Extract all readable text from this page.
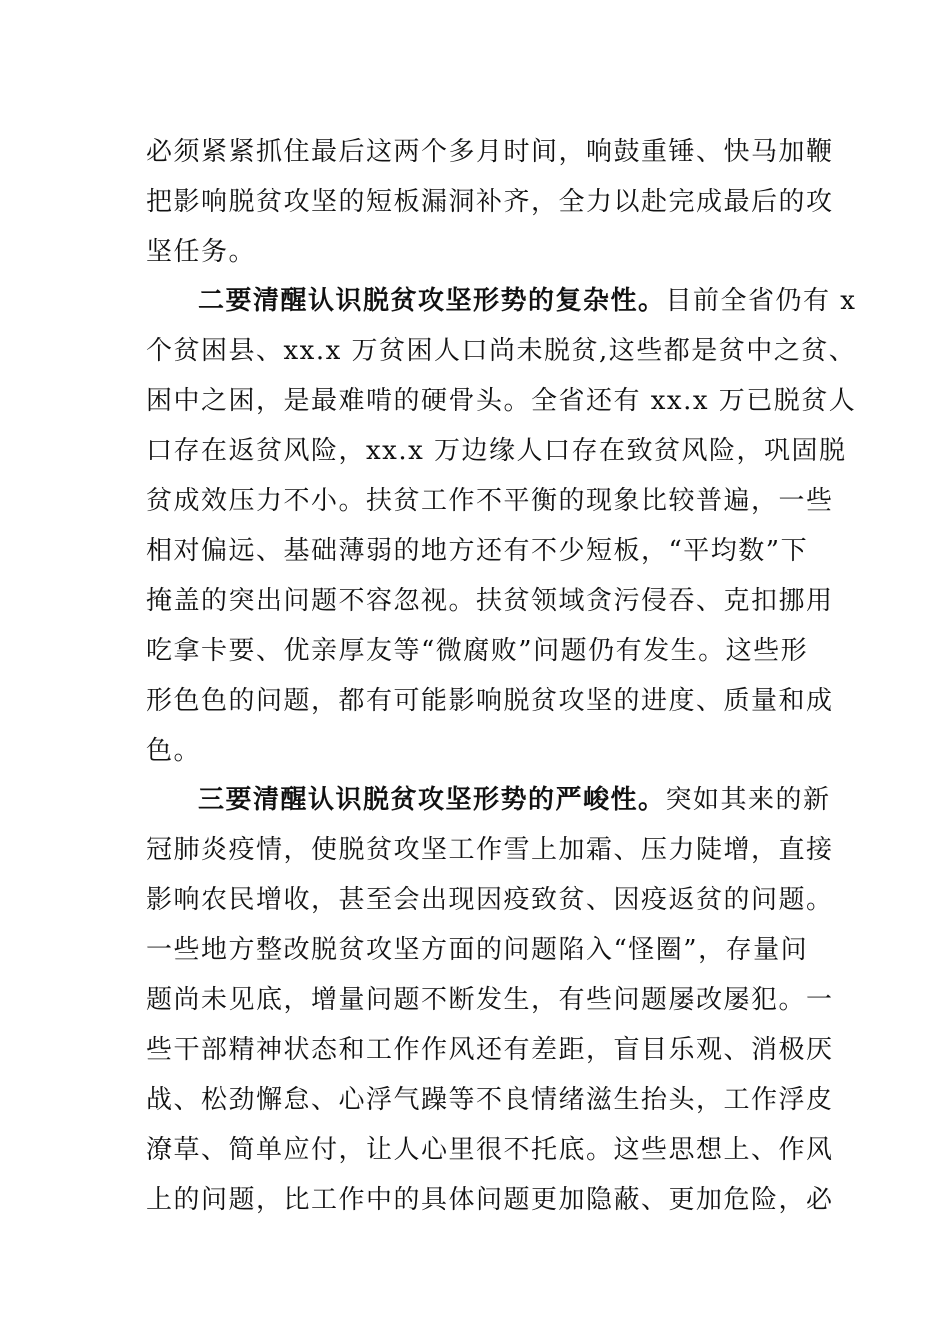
必须紧紧抓住最后这两个多月时间，响鼓重锤、快马加鞭
把影响脱贫攻坚的短板漏洞补齐，全力以赴完成最后的攻
坚任务。
二要清醒认识脱贫攻坚形势的复杂性。目前全省仍有 x
个贫困县、xx.x 万贫困人口尚未脱贫,这些都是贫中之贫、
困中之困，是最难啃的硬骨头。全省还有 xx.x 万已脱贫人
口存在返贫风险，xx.x 万边缘人口存在致贫风险，巩固脱
贫成效压力不小。扶贫工作不平衡的现象比较普遍，一些
相对偏远、基础薄弱的地方还有不少短板，“平均数”下
掩盖的突出问题不容忽视。扶贫领域贪污侵吞、克扣挪用
吃拿卡要、优亲厚友等“微腐败”问题仍有发生。这些形
形色色的问题，都有可能影响脱贫攻坚的进度、质量和成
色。
三要清醒认识脱贫攻坚形势的严峻性。突如其来的新
冠肺炎疫情，使脱贫攻坚工作雪上加霜、压力陡增，直接
影响农民增收，甚至会出现因疫致贫、因疫返贫的问题。
一些地方整改脱贫攻坚方面的问题陷入“怪圈”，存量问
题尚未见底，增量问题不断发生，有些问题屡改屡犯。一
些干部精神状态和工作作风还有差距，盲目乐观、消极厌
战、松劲懈怠、心浮气躁等不良情绪滋生抬头，工作浮皮
潦草、简单应付，让人心里很不托底。这些思想上、作风
上的问题，比工作中的具体问题更加隐蔽、更加危险，必
